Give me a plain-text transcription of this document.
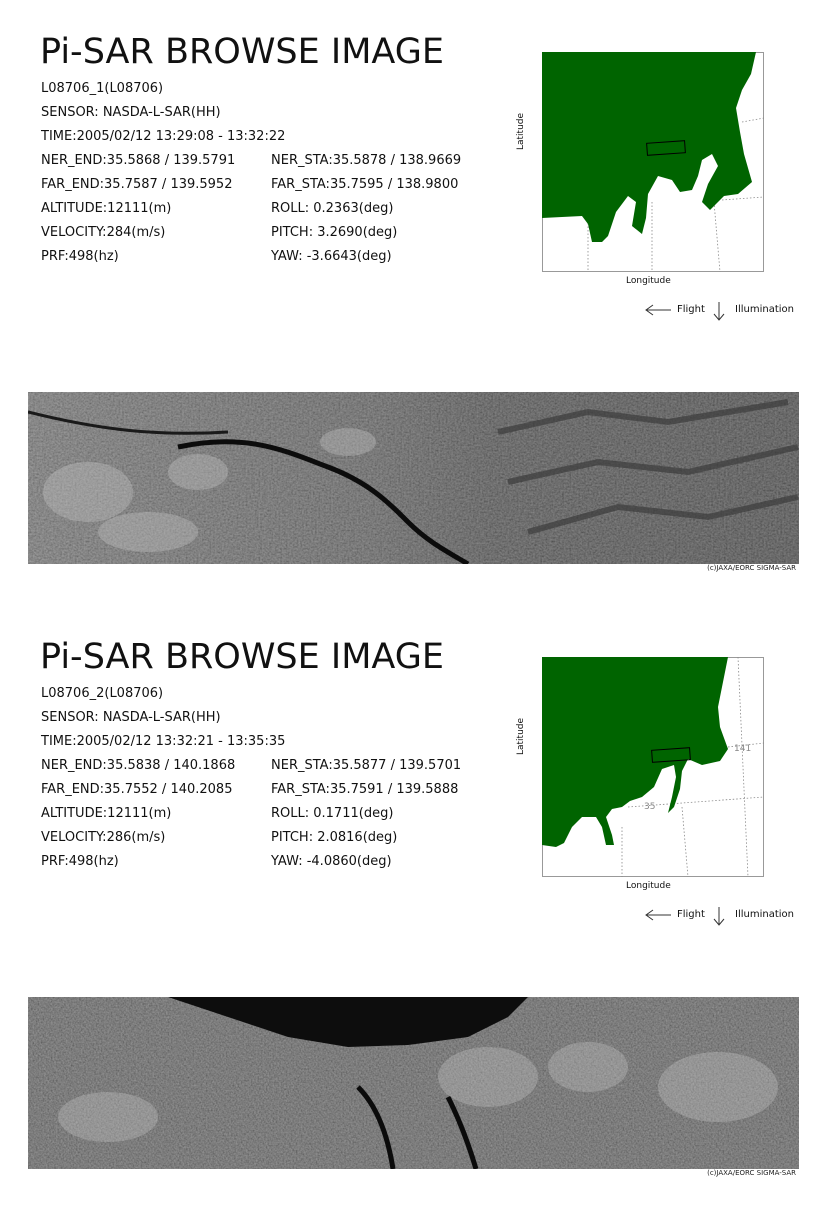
Pi-SAR BROWSE IMAGE
L08706_1(L08706)
SENSOR: NASDA-L-SAR(HH)
TIME:2005/02/12 13:29:08 - 13:32:22
NER_END:35.5868 / 139.5791	NER_STA:35.5878 / 138.9669
FAR_END:35.7587 / 139.5952	FAR_STA:35.7595 / 138.9800
ALTITUDE:12111(m)	ROLL: 0.2363(deg)
VELOCITY:284(m/s)	PITCH: 3.2690(deg)
PRF:498(hz)	YAW: -3.6643(deg)
Latitude
Longitude
Flight	Illumination
(c)JAXA/EORC SIGMA-SAR
Pi-SAR BROWSE IMAGE
L08706_2(L08706)
SENSOR: NASDA-L-SAR(HH)
TIME:2005/02/12 13:32:21 - 13:35:35
NER_END:35.5838 / 140.1868	NER_STA:35.5877 / 139.5701
FAR_END:35.7552 / 140.2085	FAR_STA:35.7591 / 139.5888
ALTITUDE:12111(m)	ROLL: 0.1711(deg)
VELOCITY:286(m/s)	PITCH: 2.0816(deg)
PRF:498(hz)	YAW: -4.0860(deg)
141
35
Latitude
Longitude
Flight	Illumination
(c)JAXA/EORC SIGMA-SAR
